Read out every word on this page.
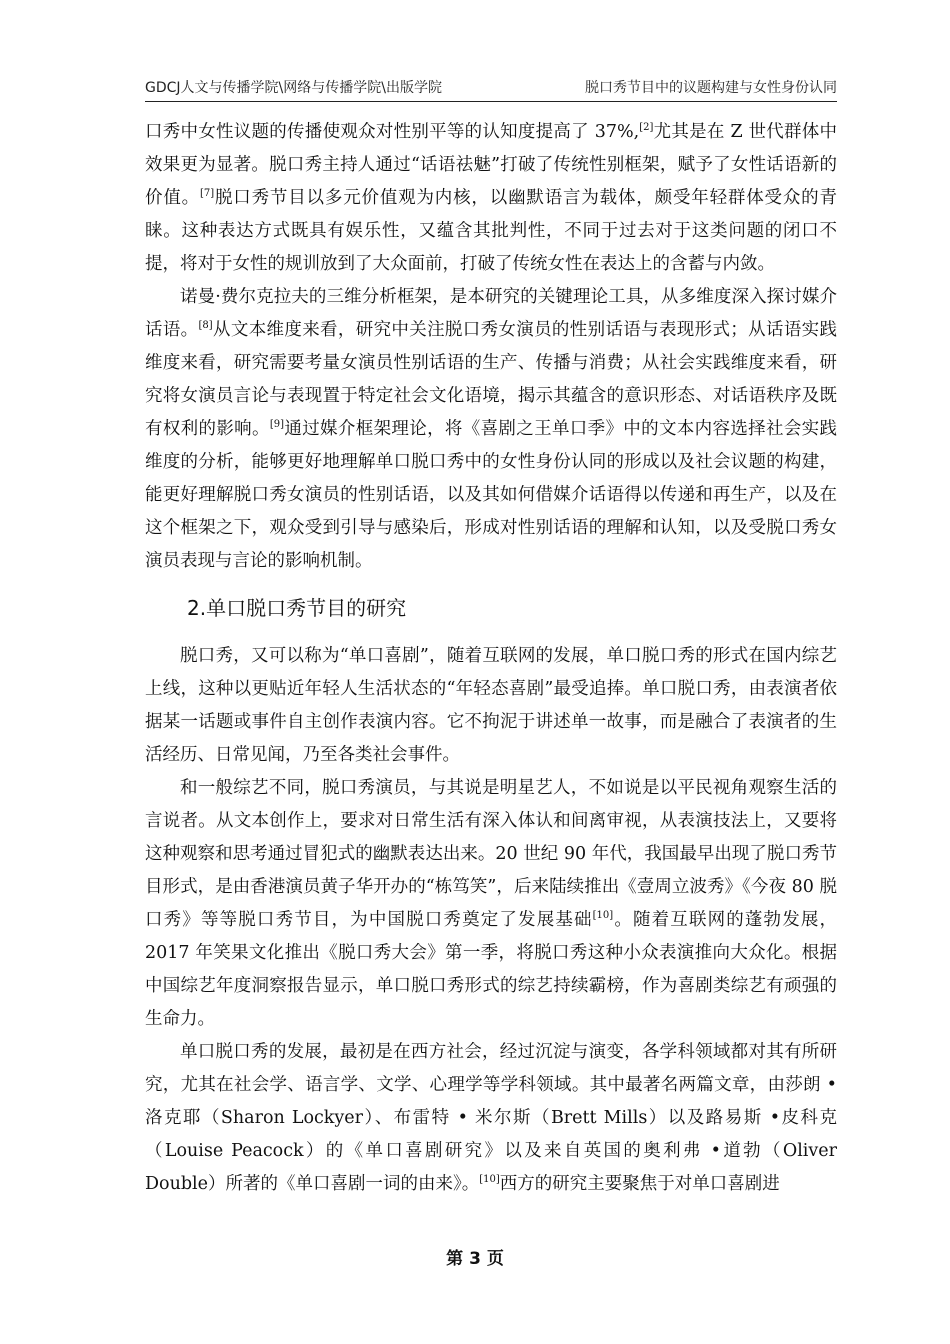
GDCJ人文与传播学院\网络与传播学院\出版学院	脱口秀节目中的议题构建与女性身份认同

口秀中女性议题的传播使观众对性别平等的认知度提高了 37%,[2]尤其是在 Z 世代群体中效果更为显著。脱口秀主持人通过“话语祛魅”打破了传统性别框架，赋予了女性话语新的价值。[7]脱口秀节目以多元价值观为内核，以幽默语言为载体，颇受年轻群体受众的青睐。这种表达方式既具有娱乐性，又蕴含其批判性，不同于过去对于这类问题的闭口不提，将对于女性的规训放到了大众面前，打破了传统女性在表达上的含蓄与内敛。

诺曼·费尔克拉夫的三维分析框架，是本研究的关键理论工具，从多维度深入探讨媒介话语。[8]从文本维度来看，研究中关注脱口秀女演员的性别话语与表现形式；从话语实践维度来看，研究需要考量女演员性别话语的生产、传播与消费；从社会实践维度来看，研究将女演员言论与表现置于特定社会文化语境，揭示其蕴含的意识形态、对话语秩序及既有权利的影响。[9]通过媒介框架理论，将《喜剧之王单口季》中的文本内容选择社会实践维度的分析，能够更好地理解单口脱口秀中的女性身份认同的形成以及社会议题的构建，能更好理解脱口秀女演员的性别话语，以及其如何借媒介话语得以传递和再生产，以及在这个框架之下，观众受到引导与感染后，形成对性别话语的理解和认知，以及受脱口秀女演员表现与言论的影响机制。

2.单口脱口秀节目的研究

脱口秀，又可以称为“单口喜剧”，随着互联网的发展，单口脱口秀的形式在国内综艺上线，这种以更贴近年轻人生活状态的“年轻态喜剧”最受追捧。单口脱口秀，由表演者依据某一话题或事件自主创作表演内容。它不拘泥于讲述单一故事，而是融合了表演者的生活经历、日常见闻，乃至各类社会事件。

和一般综艺不同，脱口秀演员，与其说是明星艺人，不如说是以平民视角观察生活的言说者。从文本创作上，要求对日常生活有深入体认和间离审视，从表演技法上，又要将这种观察和思考通过冒犯式的幽默表达出来。20 世纪 90 年代，我国最早出现了脱口秀节目形式，是由香港演员黄子华开办的“栋笃笑”，后来陆续推出《壹周立波秀》《今夜 80 脱口秀》等等脱口秀节目，为中国脱口秀奠定了发展基础[10]。随着互联网的蓬勃发展，2017 年笑果文化推出《脱口秀大会》第一季，将脱口秀这种小众表演推向大众化。根据中国综艺年度洞察报告显示，单口脱口秀形式的综艺持续霸榜，作为喜剧类综艺有顽强的生命力。

单口脱口秀的发展，最初是在西方社会，经过沉淀与演变，各学科领域都对其有所研究，尤其在社会学、语言学、文学、心理学等学科领域。其中最著名两篇文章，由莎朗 • 洛克耶（Sharon Lockyer）、布雷特 • 米尔斯（Brett Mills）以及路易斯 •皮科克（Louise Peacock）的《单口喜剧研究》以及来自英国的奥利弗 •道勃（Oliver Double）所著的《单口喜剧一词的由来》。[10]西方的研究主要聚焦于对单口喜剧进

第 3 页
